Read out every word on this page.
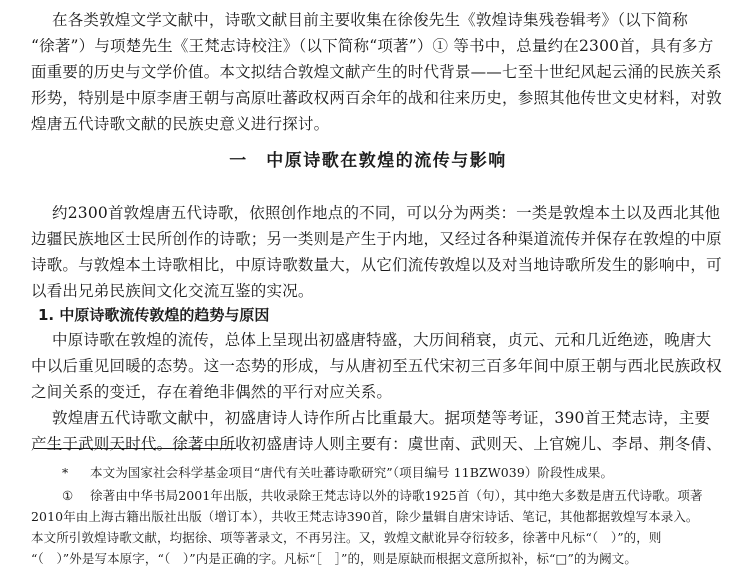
在各类敦煌文学文献中，诗歌文献目前主要收集在徐俊先生《敦煌诗集残卷辑考》（以下简称
“徐著”）与项楚先生《王梵志诗校注》（以下简称“项著”）① 等书中，总量约在2300首，具有多方
面重要的历史与文学价值。本文拟结合敦煌文献产生的时代背景——七至十世纪风起云涌的民族关系
形势，特别是中原李唐王朝与高原吐蕃政权两百余年的战和往来历史，参照其他传世文史材料，对敦
煌唐五代诗歌文献的民族史意义进行探讨。
一　中原诗歌在敦煌的流传与影响
约2300首敦煌唐五代诗歌，依照创作地点的不同，可以分为两类：一类是敦煌本土以及西北其他
边疆民族地区士民所创作的诗歌；另一类则是产生于内地，又经过各种渠道流传并保存在敦煌的中原
诗歌。与敦煌本土诗歌相比，中原诗歌数量大，从它们流传敦煌以及对当地诗歌所发生的影响中，可
以看出兄弟民族间文化交流互鉴的实况。
1. 中原诗歌流传敦煌的趋势与原因
中原诗歌在敦煌的流传，总体上呈现出初盛唐特盛，大历间稍衰，贞元、元和几近绝迹，晚唐大
中以后重见回暖的态势。这一态势的形成，与从唐初至五代宋初三百多年间中原王朝与西北民族政权
之间关系的变迁，存在着绝非偶然的平行对应关系。
敦煌唐五代诗歌文献中，初盛唐诗人诗作所占比重最大。据项楚等考证，390首王梵志诗，主要
产生于武则天时代。徐著中所收初盛唐诗人则主要有：虞世南、武则天、上官婉儿、李昂、荆冬倩、
* 本文为国家社会科学基金项目“唐代有关吐蕃诗歌研究”（项目编号 11BZW039）阶段性成果。
① 徐著由中华书局2001年出版，共收录除王梵志诗以外的诗歌1925首（句），其中绝大多数是唐五代诗歌。项著
2010年由上海古籍出版社出版（增订本），共收王梵志诗390首，除少量辑自唐宋诗话、笔记，其他都据敦煌写本录入。
本文所引敦煌诗歌文献，均据徐、项等著录文，不再另注。又，敦煌文献讹异夺衍较多，徐著中凡标“（　）”的，则
“（　）”外是写本原字，“（　）”内是正确的字。凡标“［　］”的，则是原缺而根据文意所拟补，标“□”的为阙文。
